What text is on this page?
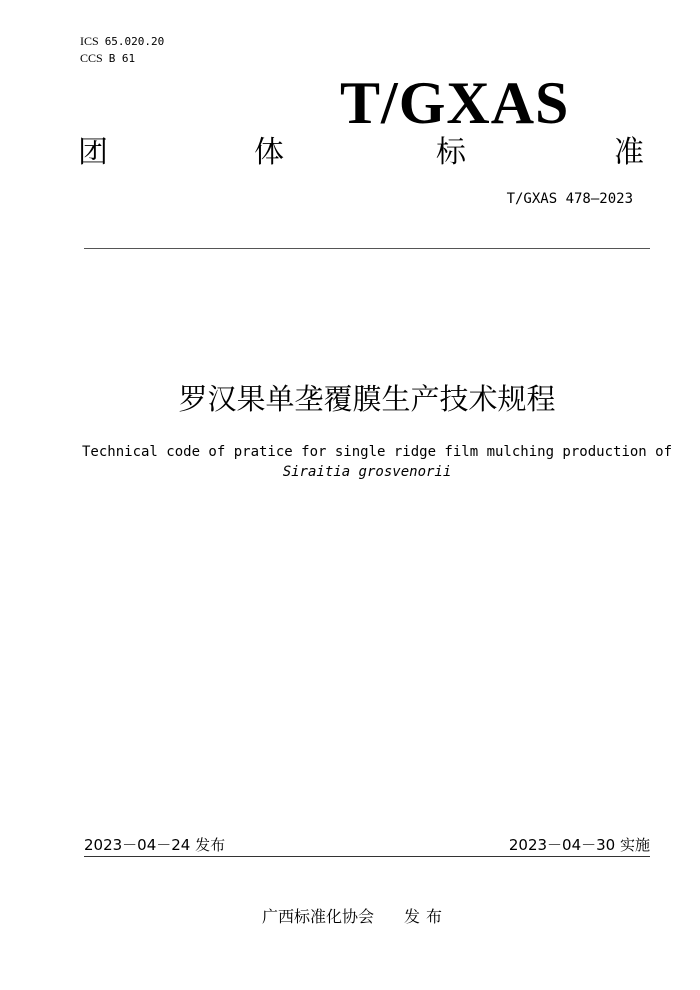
ICS 65.020.20
CCS B 61
T/GXAS
团	体	标	准
T/GXAS 478—2023
罗汉果单垄覆膜生产技术规程
Technical code of pratice for single ridge film mulching production of
Siraitia grosvenorii
2023－04－24 发布	2023－04－30 实施
广西标准化协会 发布
